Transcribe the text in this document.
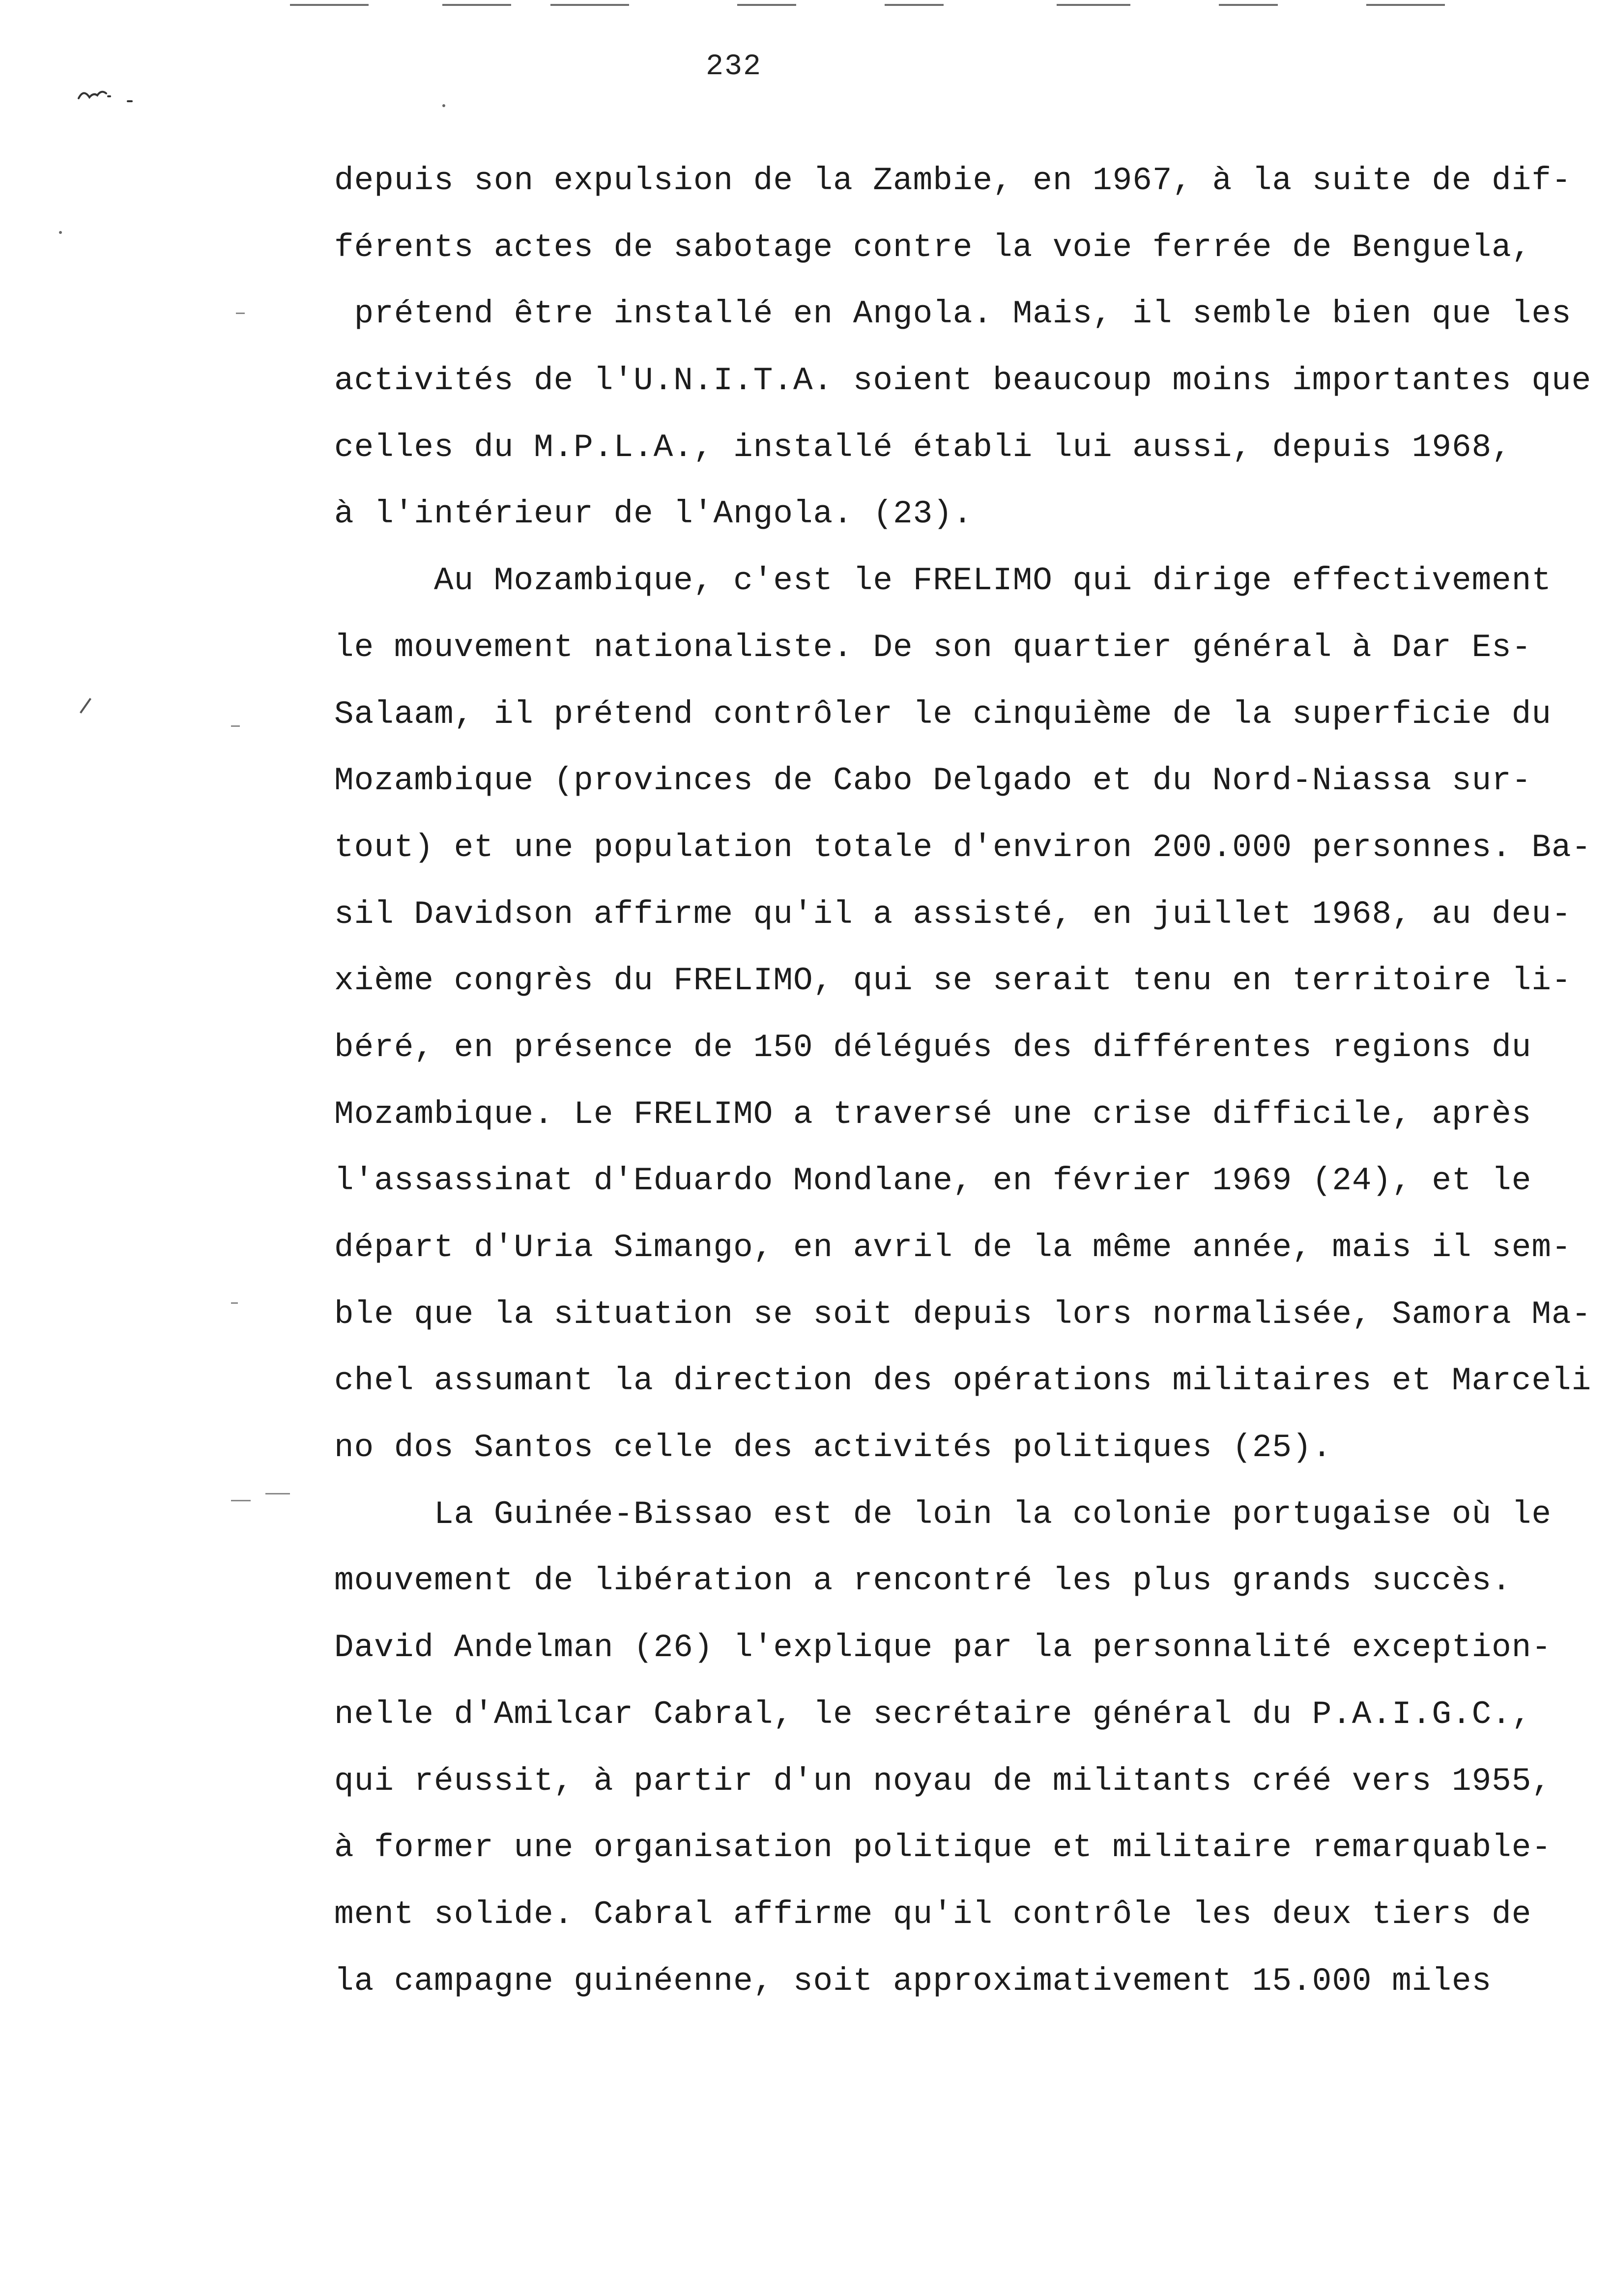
232
depuis son expulsion de la Zambie, en 1967, à la suite de dif-
férents actes de sabotage contre la voie ferrée de Benguela,
prétend être installé en Angola. Mais, il semble bien que les
activités de l'U.N.I.T.A. soient beaucoup moins importantes que
celles du M.P.L.A., installé établi lui aussi, depuis 1968,
à l'intérieur de l'Angola. (23).
Au Mozambique, c'est le FRELIMO qui dirige effectivement
le mouvement nationaliste. De son quartier général à Dar Es-
Salaam, il prétend contrôler le cinquième de la superficie du
Mozambique (provinces de Cabo Delgado et du Nord-Niassa sur-
tout) et une population totale d'environ 200.000 personnes. Ba-
sil Davidson affirme qu'il a assisté, en juillet 1968, au deu-
xième congrès du FRELIMO, qui se serait tenu en territoire li-
béré, en présence de 150 délégués des différentes regions du
Mozambique. Le FRELIMO a traversé une crise difficile, après
l'assassinat d'Eduardo Mondlane, en février 1969 (24), et le
départ d'Uria Simango, en avril de la même année, mais il sem-
ble que la situation se soit depuis lors normalisée, Samora Ma-
chel assumant la direction des opérations militaires et Marceli
no dos Santos celle des activités politiques (25).
La Guinée-Bissao est de loin la colonie portugaise où le
mouvement de libération a rencontré les plus grands succès.
David Andelman (26) l'explique par la personnalité exception-
nelle d'Amilcar Cabral, le secrétaire général du P.A.I.G.C.,
qui réussit, à partir d'un noyau de militants créé vers 1955,
à former une organisation politique et militaire remarquable-
ment solide. Cabral affirme qu'il contrôle les deux tiers de
la campagne guinéenne, soit approximativement 15.000 miles
